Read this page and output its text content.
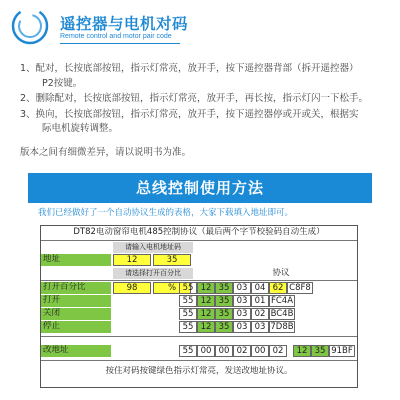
遥控器与电机对码
Remote control and motor pair code
1、配对，长按底部按钮，指示灯常亮，放开手，按下遥控器背部（拆开遥控器）
P2按键。
2、删除配对，长按底部按钮，指示灯常亮，放开手，再长按，指示灯闪一下松手。
3、换向，长按底部按钮，指示灯常亮，放开手，按下遥控器停或开或关，根据实
际电机旋转调整。
版本之间有细微差异，请以说明书为准。
总线控制使用方法
我们已经做好了一个自动协议生成的表格，大家下载填入地址即可。
DT82电动窗帘电机485控制协议（最后两个字节校验码自动生成）
请输入电机地址码
地址	12	35
请选择打开百分比	协议
打开百分比	98	% 55 12 35 03 04 62 C8F8
打开	55 12 35 03 01 FC4A
关闭	55 12 35 03 02 BC4B
停止	55 12 35 03 03 7D8B
改地址	55 00 00 02 00 02	12 35 91BF
按住对码按键绿色指示灯常亮，发送改地址协议。
